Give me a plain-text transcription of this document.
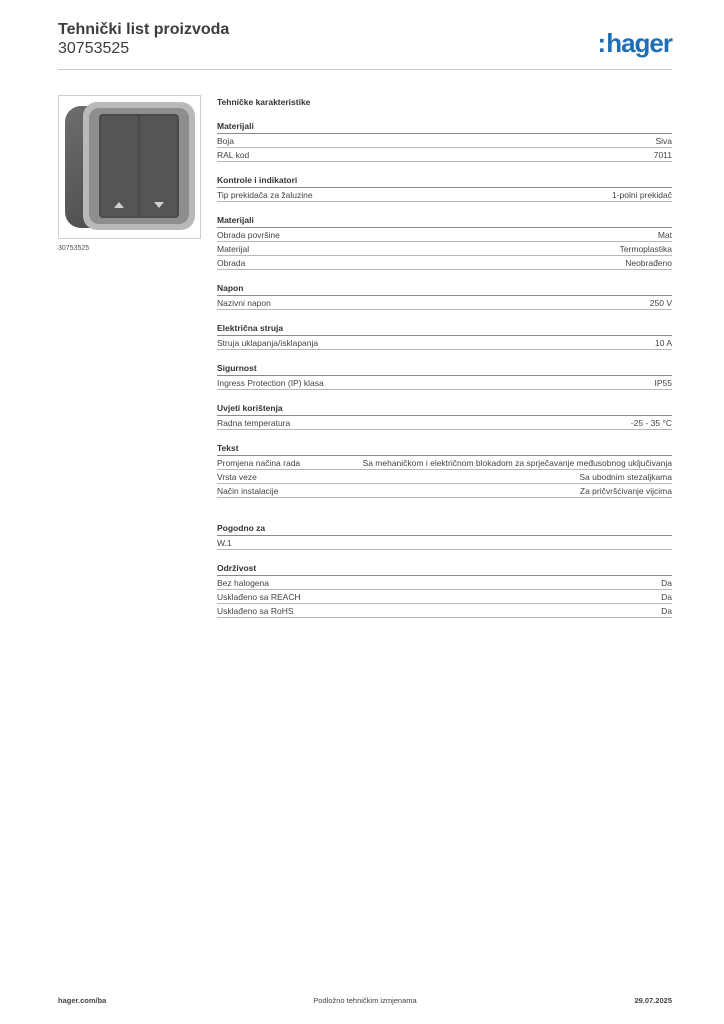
Tehnički list proizvoda
30753525	:hager
30753525
Tehničke karakteristike
Materijali
Boja	Siva
RAL kod	7011
Kontrole i indikatori
Tip prekidača za žaluzine	1-polni prekidač
Materijali
Obrada površine	Mat
Materijal	Termoplastika
Obrada	Neobrađeno
Napon
Nazivni napon	250 V
Električna struja
Struja uklapanja/isklapanja	10 A
Sigurnost
Ingress Protection (IP) klasa	IP55
Uvjeti korištenja
Radna temperatura	-25 - 35 °C
Tekst
Promjena načina rada	Sa mehaničkom i električnom blokadom za sprječavanje međusobnog uključivanja
Vrsta veze	Sa ubodnim stezaljkama
Način instalacije	Za pričvršćivanje vijcima
Pogodno za
W.1
Održivost
Bez halogena	Da
Usklađeno sa REACH	Da
Usklađeno sa RoHS	Da
hager.com/ba	Podložno tehničkim izmjenama	29.07.2025
